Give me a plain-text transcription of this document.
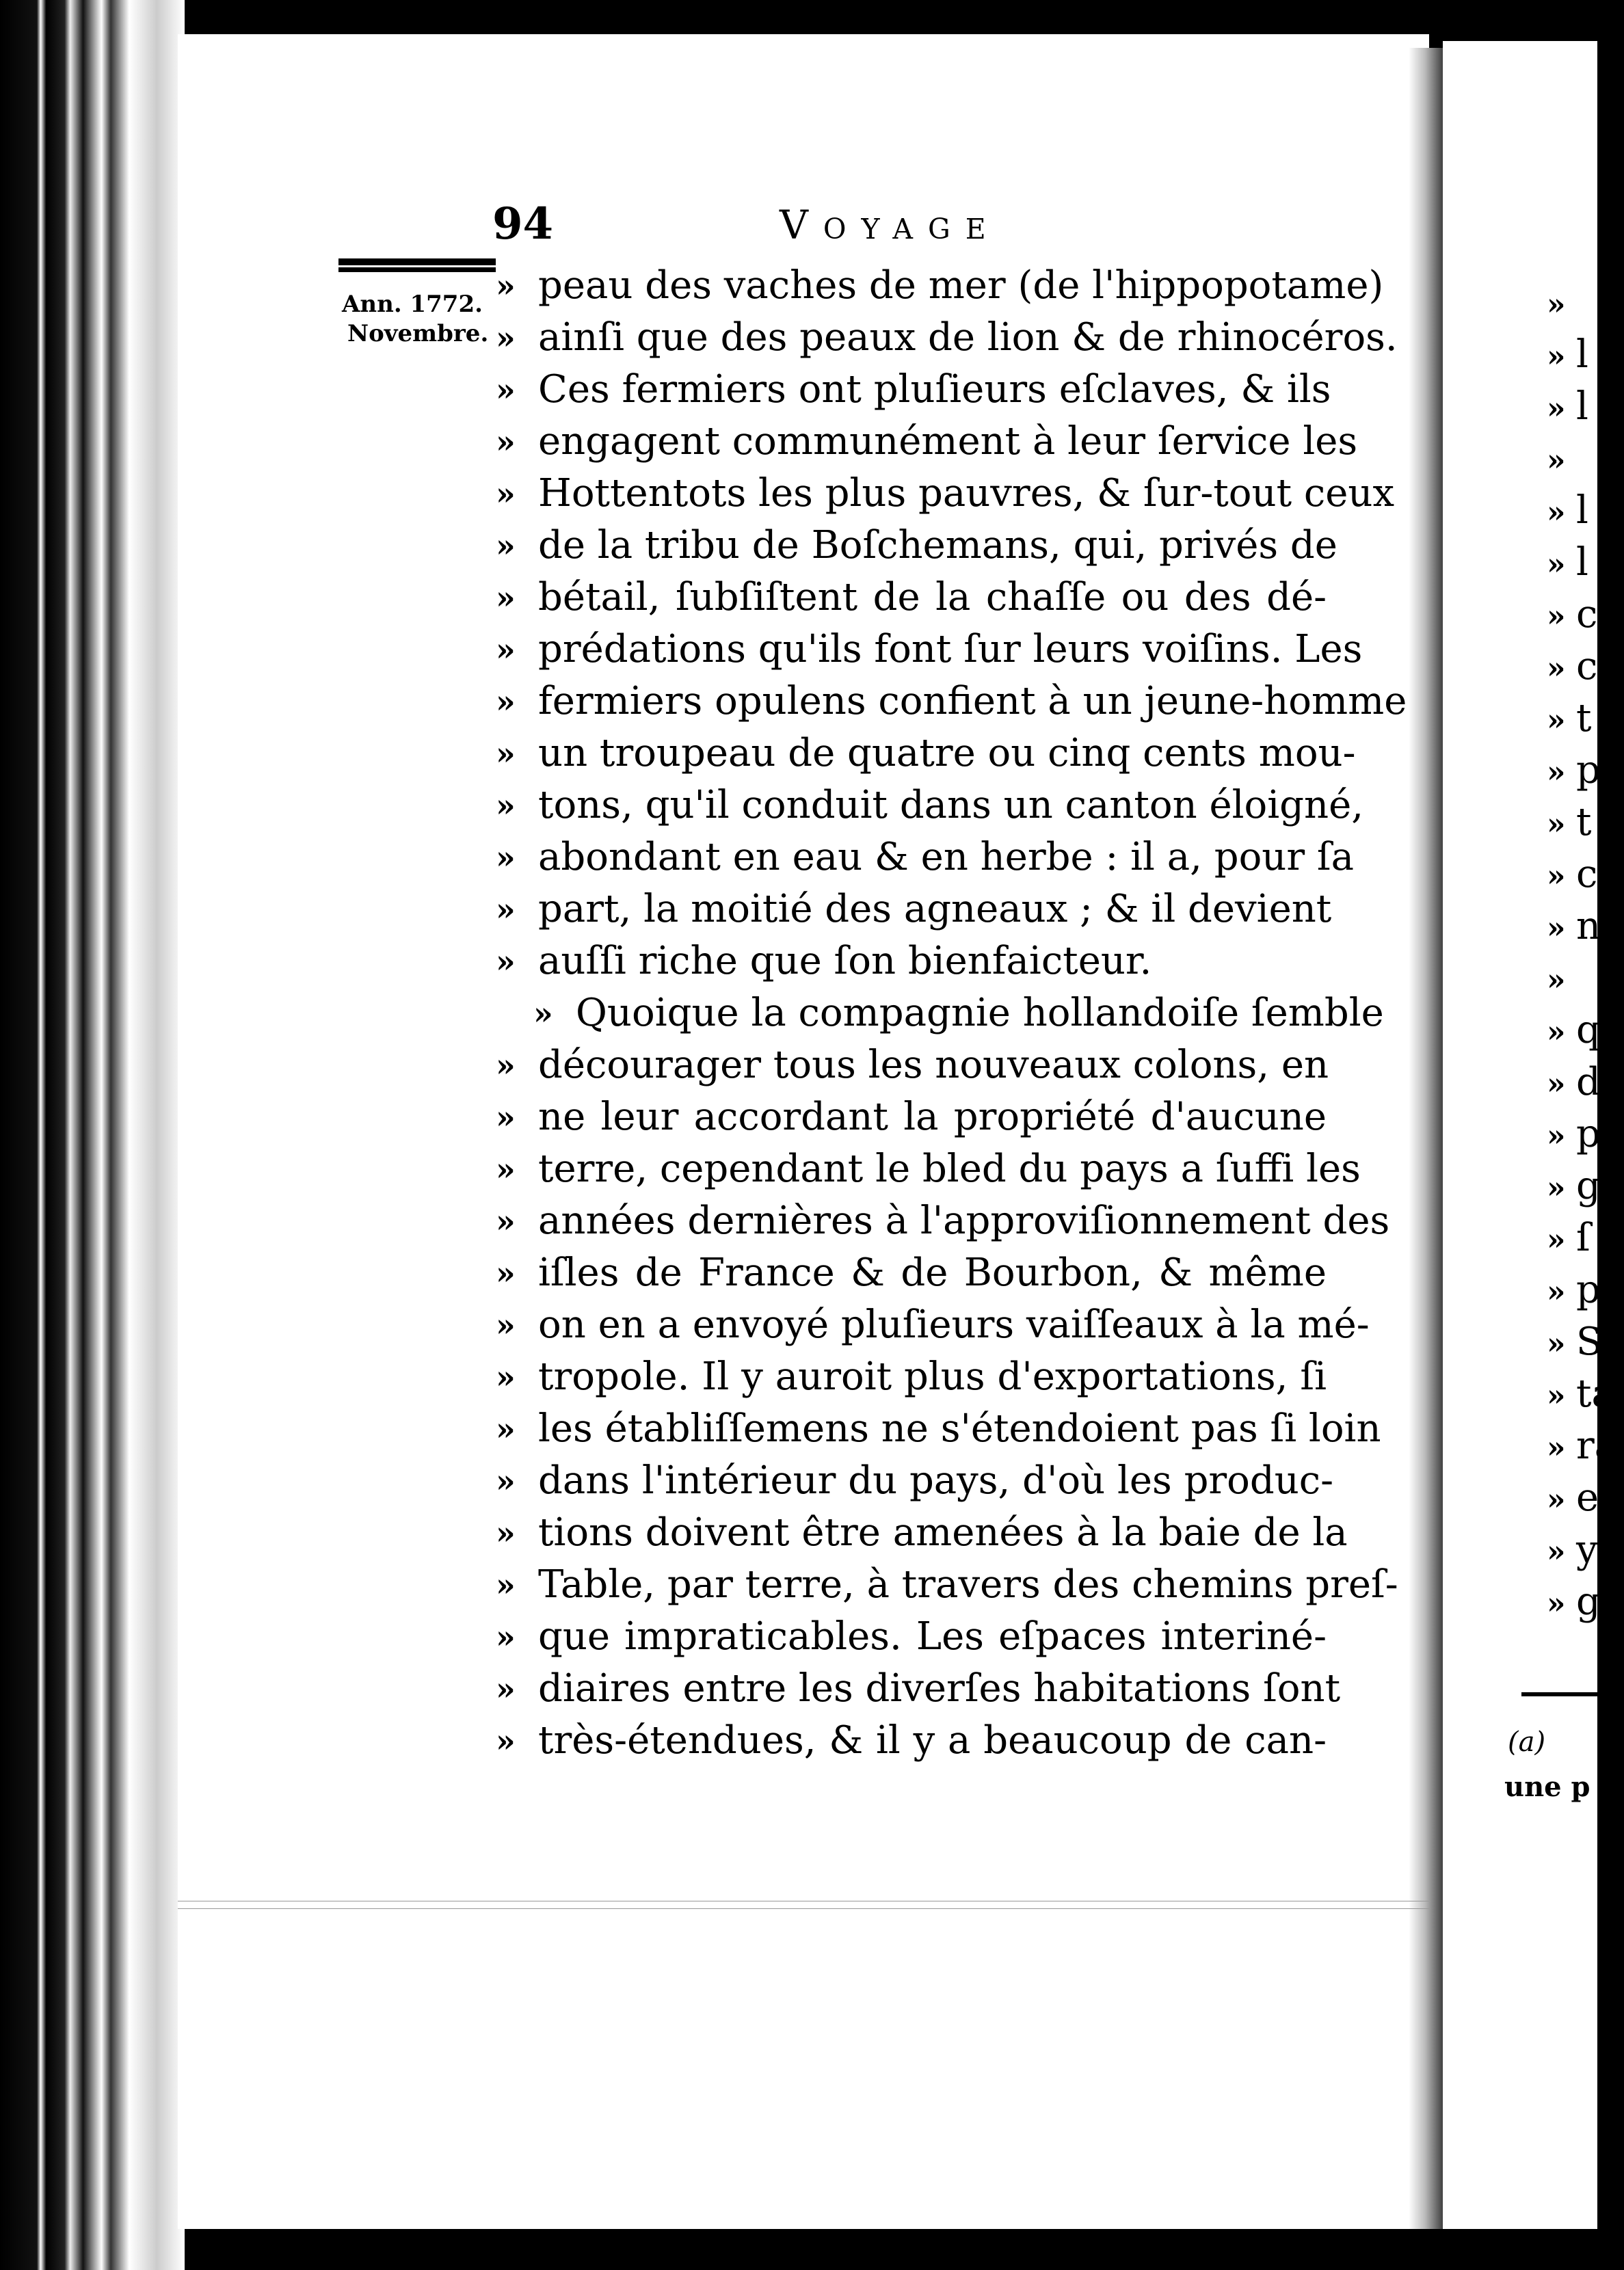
94	Voyage
Ann. 1772.
Novembre.
» peau des vaches de mer (de l'hippopotame)
» ainſi que des peaux de lion & de rhinocéros.
» Ces fermiers ont pluſieurs eſclaves, & ils
» engagent communément à leur ſervice les
» Hottentots les plus pauvres, & ſur-tout ceux
» de la tribu de Boſchemans, qui, privés de
» bétail, ſubſiſtent de la chaſſe ou des dé-
» prédations qu'ils font ſur leurs voiſins. Les
» fermiers opulens confient à un jeune-homme
» un troupeau de quatre ou cinq cents mou-
» tons, qu'il conduit dans un canton éloigné,
» abondant en eau & en herbe : il a, pour ſa
» part, la moitié des agneaux ; & il devient
» auſſi riche que ſon bienfaicteur.
» Quoique la compagnie hollandoiſe ſemble
» décourager tous les nouveaux colons, en
» ne leur accordant la propriété d'aucune
» terre, cependant le bled du pays a ſuffi les
» années dernières à l'approviſionnement des
» iſles de France & de Bourbon, & même
» on en a envoyé pluſieurs vaiſſeaux à la mé-
» tropole. Il y auroit plus d'exportations, ſi
» les établiſſemens ne s'étendoient pas ſi loin
» dans l'intérieur du pays, d'où les produc-
» tions doivent être amenées à la baie de la
» Table, par terre, à travers des chemins preſ-
» que impraticables. Les eſpaces interiné-
» diaires entre les diverſes habitations ſont
» très-étendues, & il y a beaucoup de can-
»
» l
» l
»
» l
» l
» c
» c
» t
» p
» t
» c
» n
»
» q
» d
» p
» g
» ſ
» p
» S
» ta
» ra
» en
» y
» go
(a)
une p
